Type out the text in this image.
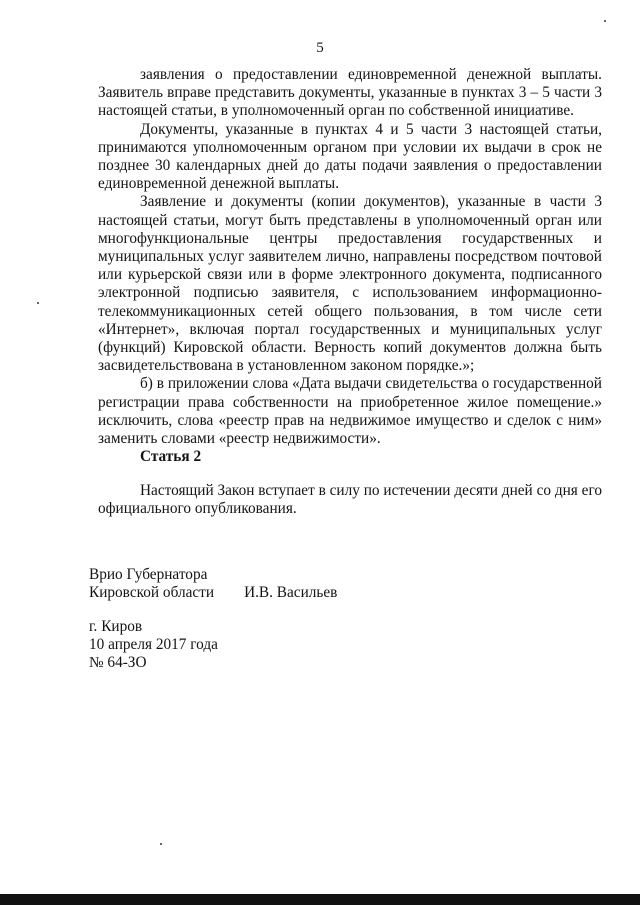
5

заявления о предоставлении единовременной денежной выплаты. Заявитель вправе представить документы, указанные в пунктах 3 – 5 части 3 настоящей статьи, в уполномоченный орган по собственной инициативе.

Документы, указанные в пунктах 4 и 5 части 3 настоящей статьи, принимаются уполномоченным органом при условии их выдачи в срок не позднее 30 календарных дней до даты подачи заявления о предоставлении единовременной денежной выплаты.

Заявление и документы (копии документов), указанные в части 3 настоящей статьи, могут быть представлены в уполномоченный орган или многофункциональные центры предоставления государственных и муниципальных услуг заявителем лично, направлены посредством почтовой или курьерской связи или в форме электронного документа, подписанного электронной подписью заявителя, с использованием информационно-телекоммуникационных сетей общего пользования, в том числе сети «Интернет», включая портал государственных и муниципальных услуг (функций) Кировской области. Верность копий документов должна быть засвидетельствована в установленном законом порядке.»;

б) в приложении слова «Дата выдачи свидетельства о государственной регистрации права собственности на приобретенное жилое помещение.» исключить, слова «реестр прав на недвижимое имущество и сделок с ним» заменить словами «реестр недвижимости».

Статья 2

Настоящий Закон вступает в силу по истечении десяти дней со дня его официального опубликования.

Врио Губернатора
Кировской области И.В. Васильев
г. Киров
10 апреля 2017 года
№ 64-ЗО
